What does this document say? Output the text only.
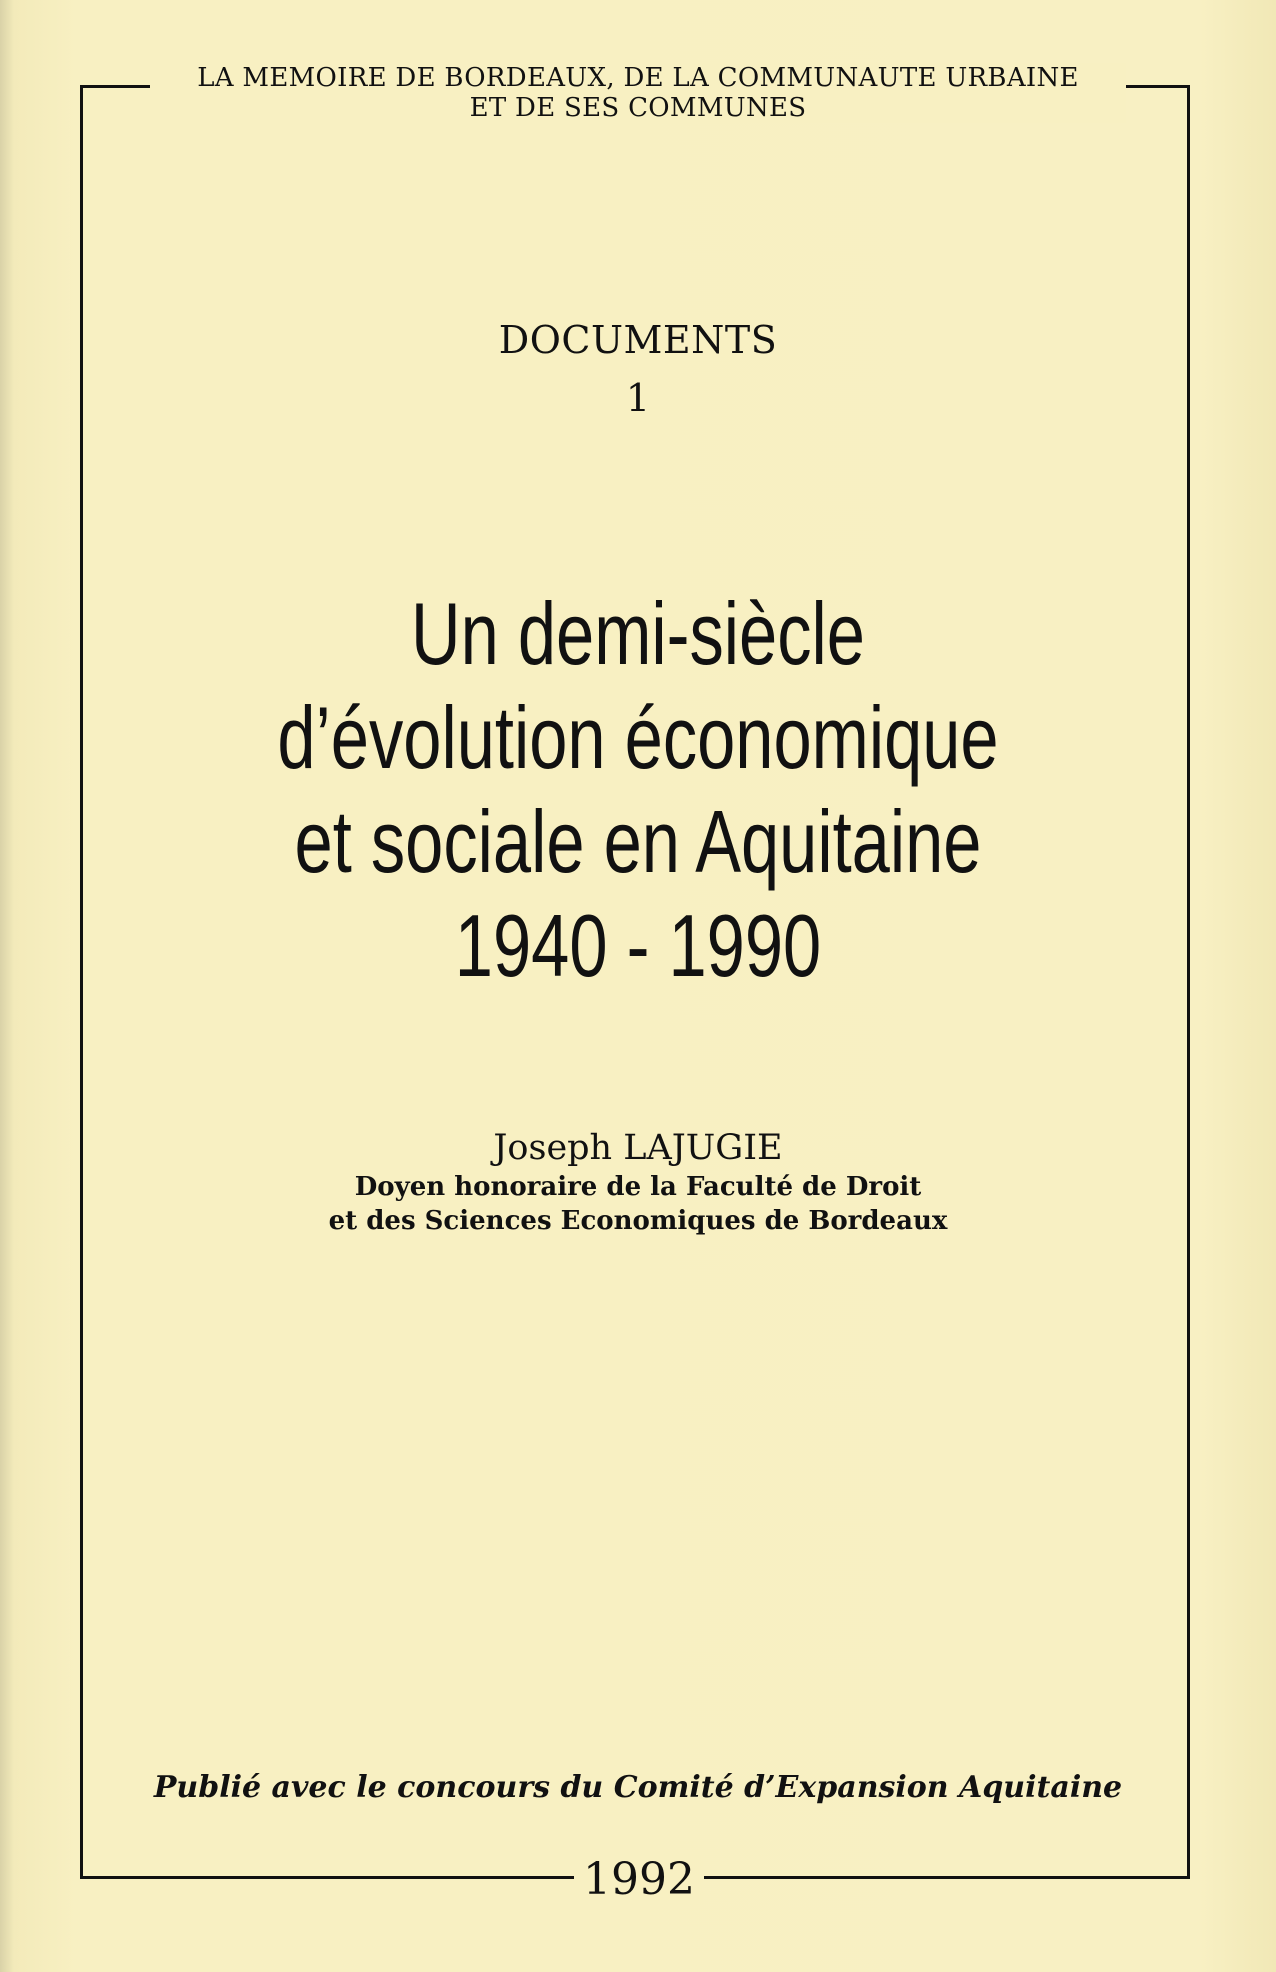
LA MEMOIRE DE BORDEAUX, DE LA COMMUNAUTE URBAINE
ET DE SES COMMUNES
DOCUMENTS
1
Un demi-siècle
d’évolution économique
et sociale en Aquitaine
1940 - 1990
Joseph LAJUGIE
Doyen honoraire de la Faculté de Droit
et des Sciences Economiques de Bordeaux
Publié avec le concours du Comité d’Expansion Aquitaine
1992
